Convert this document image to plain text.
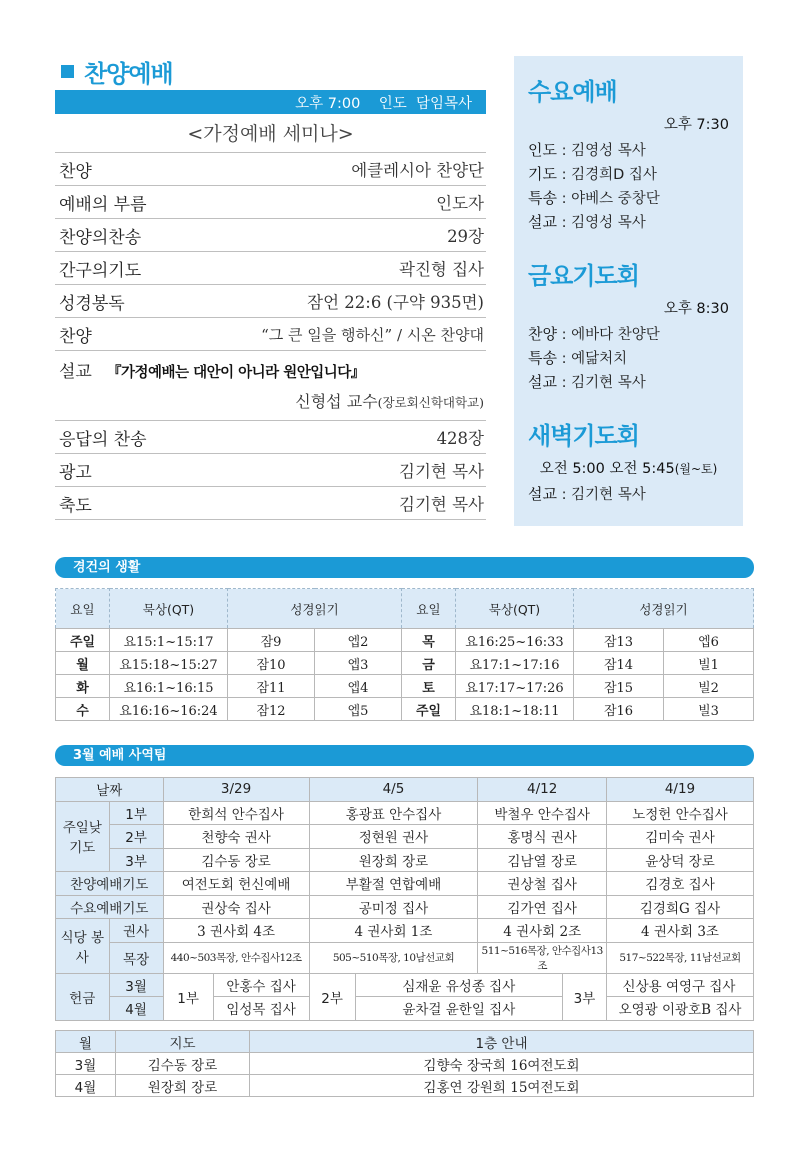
찬양예배
오후 7:00    인도  담임목사
<가정예배 세미나>
찬양	에클레시아 찬양단
예배의 부름	인도자
찬양의찬송	29장
간구의기도	곽진형 집사
성경봉독	잠언 22:6 (구약 935면)
찬양	“그 큰 일을 행하신” / 시온 찬양대
설교 『가정예배는 대안이 아니라 원안입니다』
신형섭 교수(장로회신학대학교)
응답의 찬송	428장
광고	김기현 목사
축도	김기현 목사
수요예배
오후 7:30
인도 : 김영성 목사
기도 : 김경희D 집사
특송 : 야베스 중창단
설교 : 김영성 목사
금요기도회
오후 8:30
찬양 : 에바다 찬양단
특송 : 예닮처치
설교 : 김기현 목사
새벽기도회
오전 5:00 오전 5:45(월~토)
설교 : 김기현 목사
경건의 생활
요일	묵상(QT)	성경읽기		요일	묵상(QT)	성경읽기	
주일	요15:1~15:17	잠9	엡2	목	요16:25~16:33	잠13	엡6
월	요15:18~15:27	잠10	엡3	금	요17:1~17:16	잠14	빌1
화	요16:1~16:15	잠11	엡4	토	요17:17~17:26	잠15	빌2
수	요16:16~16:24	잠12	엡5	주일	요18:1~18:11	잠16	빌3
3월 예배 사역팀
날짜		3/29		4/5		4/12		4/19
주일낮 기도	1부	한희석 안수집사		홍광표 안수집사		박철우 안수집사		노정헌 안수집사
	2부	천향숙 권사		정현원 권사		홍명식 권사		김미숙 권사
	3부	김수동 장로		원장희 장로		김남열 장로		윤상덕 장로
찬양예배기도		여전도회 헌신예배		부활절 연합예배		권상철 집사		김경호 집사
수요예배기도		권상숙 집사		공미정 집사		김가연 집사		김경희G 집사
식당 봉사	권사	3 권사회 4조		4 권사회 1조		4 권사회 2조		4 권사회 3조
	목장	440~503목장, 안수집사12조		505~510목장, 10남선교회		511~516목장, 안수집사13조		517~522목장, 11남선교회
헌금	3월	1부	안홍수 집사	2부	심재윤 유성종 집사		3부	신상용 여영구 집사
	4월		임성목 집사		윤차걸 윤한일 집사			오영광 이광호B 집사
월	지도	1층 안내
3월	김수동 장로	김향숙 장국희 16여전도회
4월	원장희 장로	김홍연 강원희 15여전도회
